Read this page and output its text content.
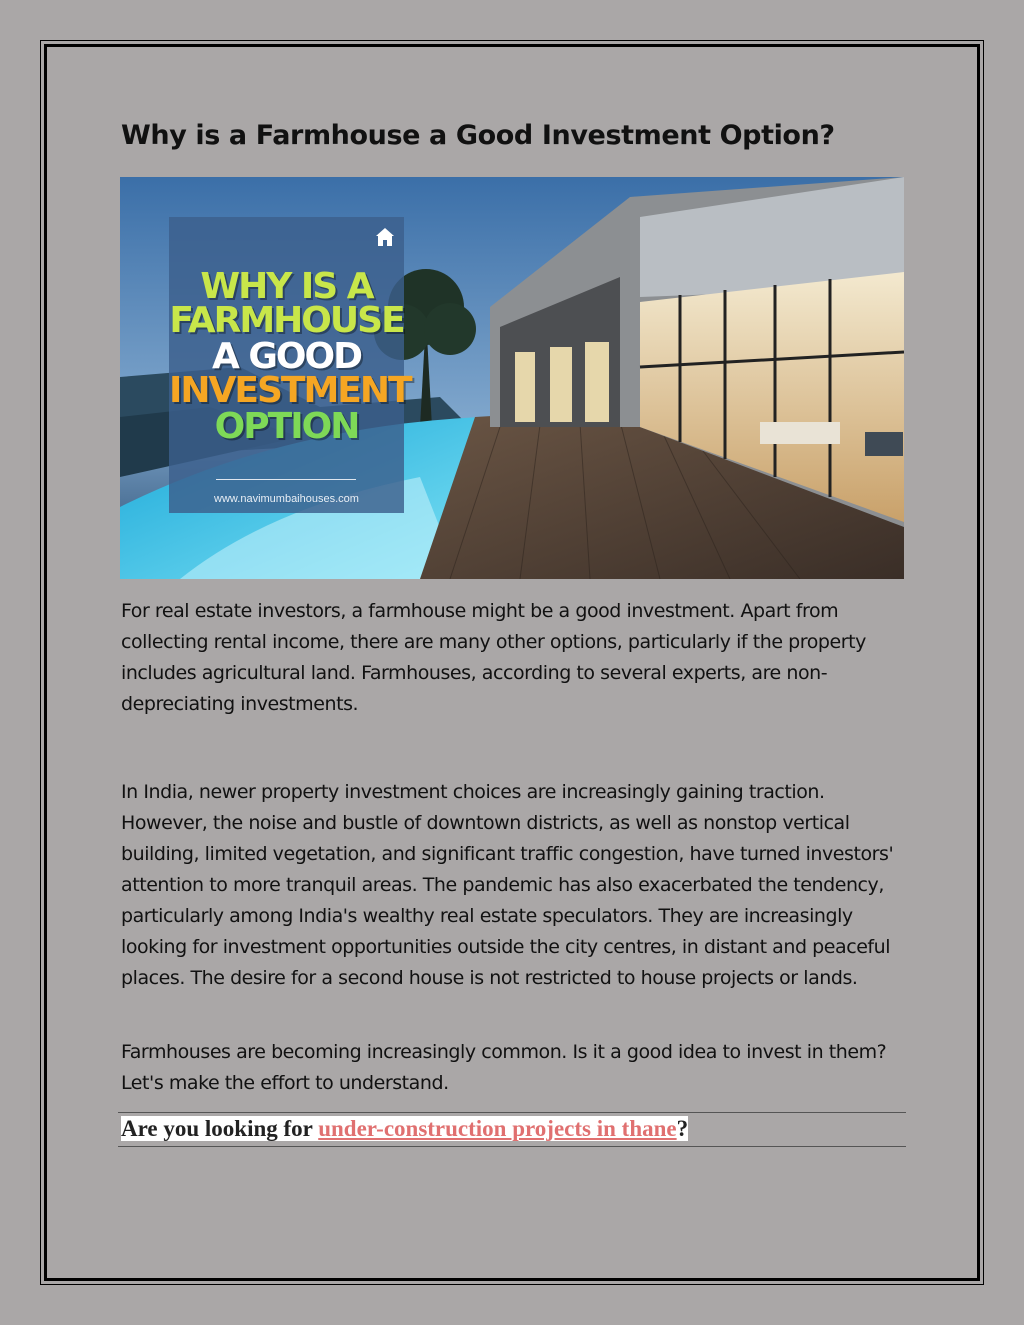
Why is a Farmhouse a Good Investment Option?
WHY IS A
FARMHOUSE
A GOOD
INVESTMENT
OPTION
www.navimumbaihouses.com

For real estate investors, a farmhouse might be a good investment. Apart from collecting rental income, there are many other options, particularly if the property includes agricultural land. Farmhouses, according to several experts, are non-depreciating investments.

In India, newer property investment choices are increasingly gaining traction. However, the noise and bustle of downtown districts, as well as nonstop vertical building, limited vegetation, and significant traffic congestion, have turned investors' attention to more tranquil areas. The pandemic has also exacerbated the tendency, particularly among India's wealthy real estate speculators. They are increasingly looking for investment opportunities outside the city centres, in distant and peaceful places. The desire for a second house is not restricted to house projects or lands.

Farmhouses are becoming increasingly common. Is it a good idea to invest in them? Let's make the effort to understand.

Are you looking for under-construction projects in thane?
